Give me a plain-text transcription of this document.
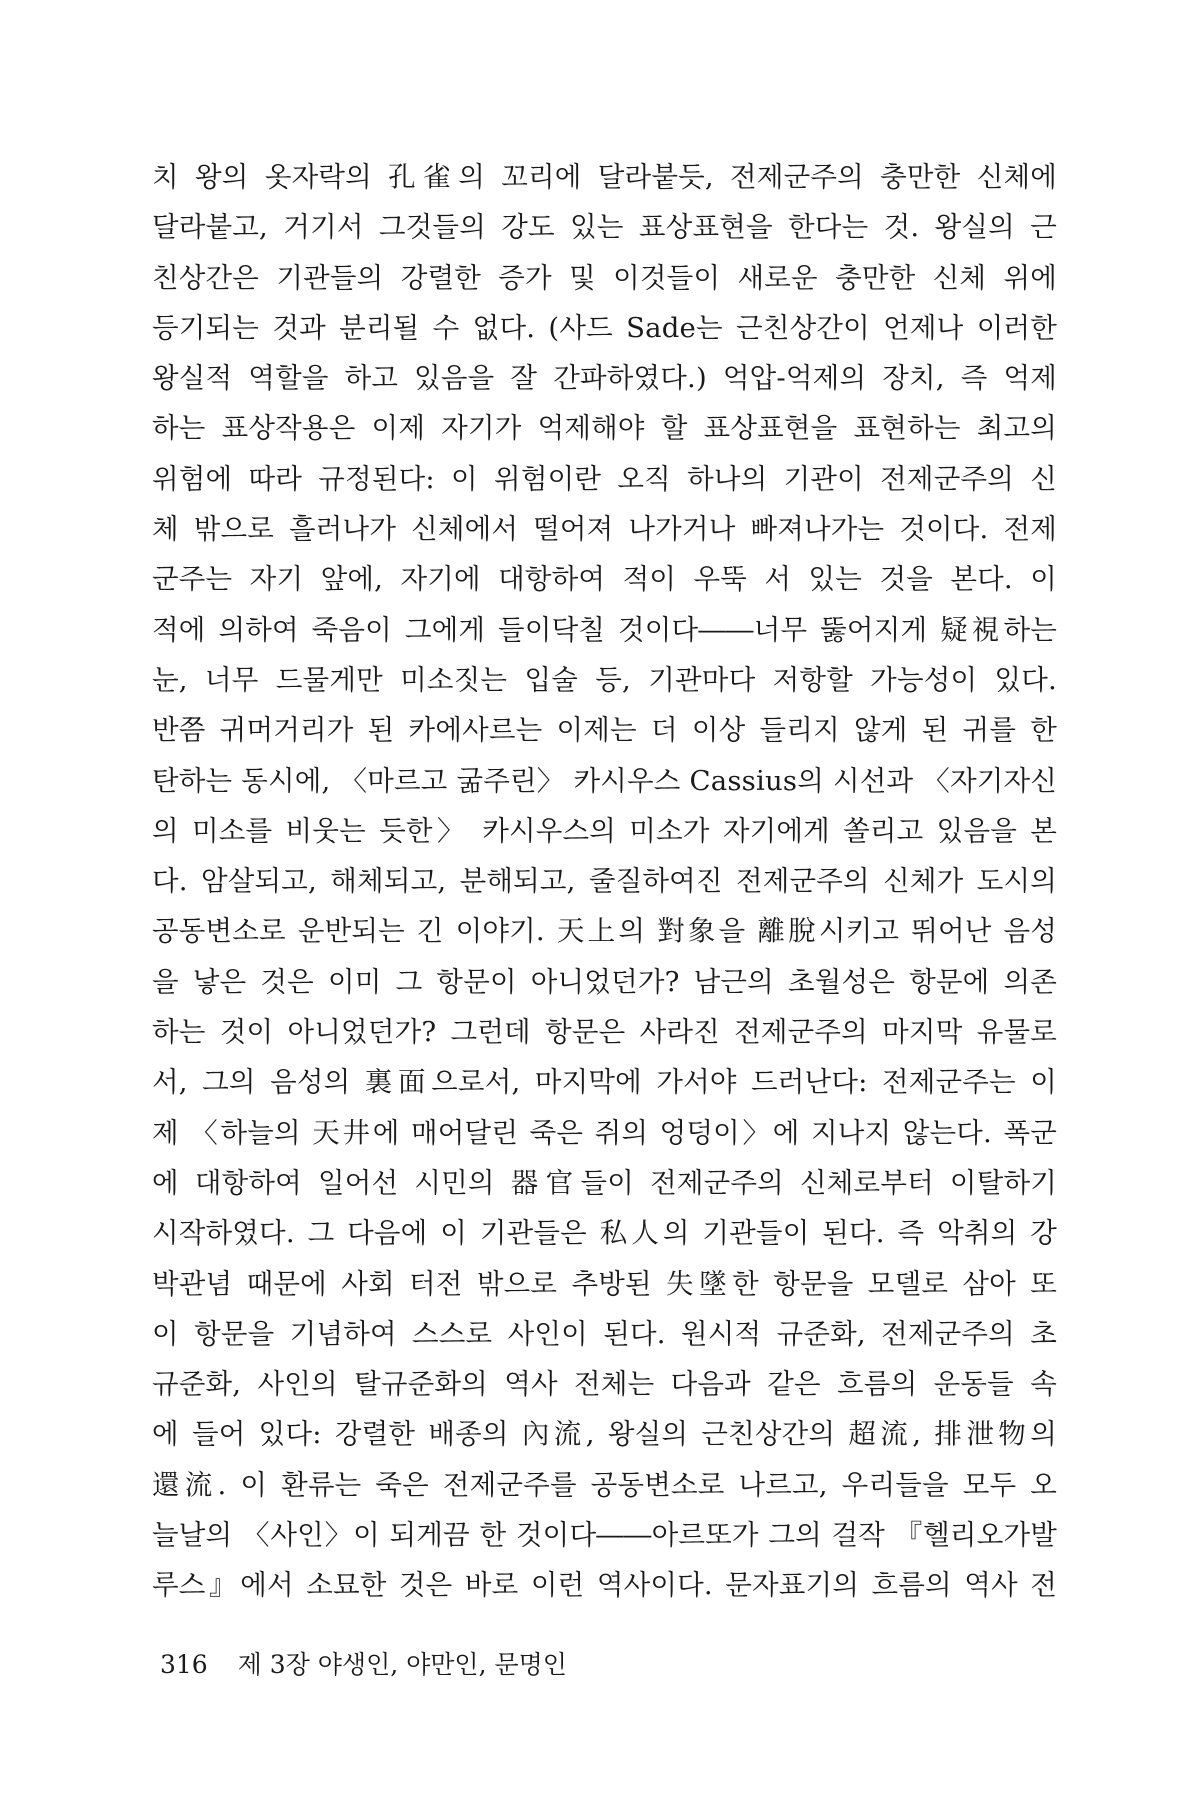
치 왕의 옷자락의 孔雀의 꼬리에 달라붙듯, 전제군주의 충만한 신체에
달라붙고, 거기서 그것들의 강도 있는 표상표현을 한다는 것. 왕실의 근
친상간은 기관들의 강렬한 증가 및 이것들이 새로운 충만한 신체 위에
등기되는 것과 분리될 수 없다. (사드 Sade는 근친상간이 언제나 이러한
왕실적 역할을 하고 있음을 잘 간파하였다.) 억압-억제의 장치, 즉 억제
하는 표상작용은 이제 자기가 억제해야 할 표상표현을 표현하는 최고의
위험에 따라 규정된다: 이 위험이란 오직 하나의 기관이 전제군주의 신
체 밖으로 흘러나가 신체에서 떨어져 나가거나 빠져나가는 것이다. 전제
군주는 자기 앞에, 자기에 대항하여 적이 우뚝 서 있는 것을 본다. 이
적에 의하여 죽음이 그에게 들이닥칠 것이다――너무 뚫어지게 疑視하는
눈, 너무 드물게만 미소짓는 입술 등, 기관마다 저항할 가능성이 있다.
반쯤 귀머거리가 된 카에사르는 이제는 더 이상 들리지 않게 된 귀를 한
탄하는 동시에, 〈마르고 굶주린〉 카시우스 Cassius의 시선과 〈자기자신
의 미소를 비웃는 듯한〉 카시우스의 미소가 자기에게 쏠리고 있음을 본
다. 암살되고, 해체되고, 분해되고, 줄질하여진 전제군주의 신체가 도시의
공동변소로 운반되는 긴 이야기. 天上의 對象을 離脫시키고 뛰어난 음성
을 낳은 것은 이미 그 항문이 아니었던가? 남근의 초월성은 항문에 의존
하는 것이 아니었던가? 그런데 항문은 사라진 전제군주의 마지막 유물로
서, 그의 음성의 裏面으로서, 마지막에 가서야 드러난다: 전제군주는 이
제 〈하늘의 天井에 매어달린 죽은 쥐의 엉덩이〉에 지나지 않는다. 폭군
에 대항하여 일어선 시민의 器官들이 전제군주의 신체로부터 이탈하기
시작하였다. 그 다음에 이 기관들은 私人의 기관들이 된다. 즉 악취의 강
박관념 때문에 사회 터전 밖으로 추방된 失墜한 항문을 모델로 삼아 또
이 항문을 기념하여 스스로 사인이 된다. 원시적 규준화, 전제군주의 초
규준화, 사인의 탈규준화의 역사 전체는 다음과 같은 흐름의 운동들 속
에 들어 있다: 강렬한 배종의 內流, 왕실의 근친상간의 超流, 排泄物의
還流. 이 환류는 죽은 전제군주를 공동변소로 나르고, 우리들을 모두 오
늘날의 〈사인〉이 되게끔 한 것이다――아르또가 그의 걸작 『헬리오가발
루스』에서 소묘한 것은 바로 이런 역사이다. 문자표기의 흐름의 역사 전
316 제 3장 야생인, 야만인, 문명인
